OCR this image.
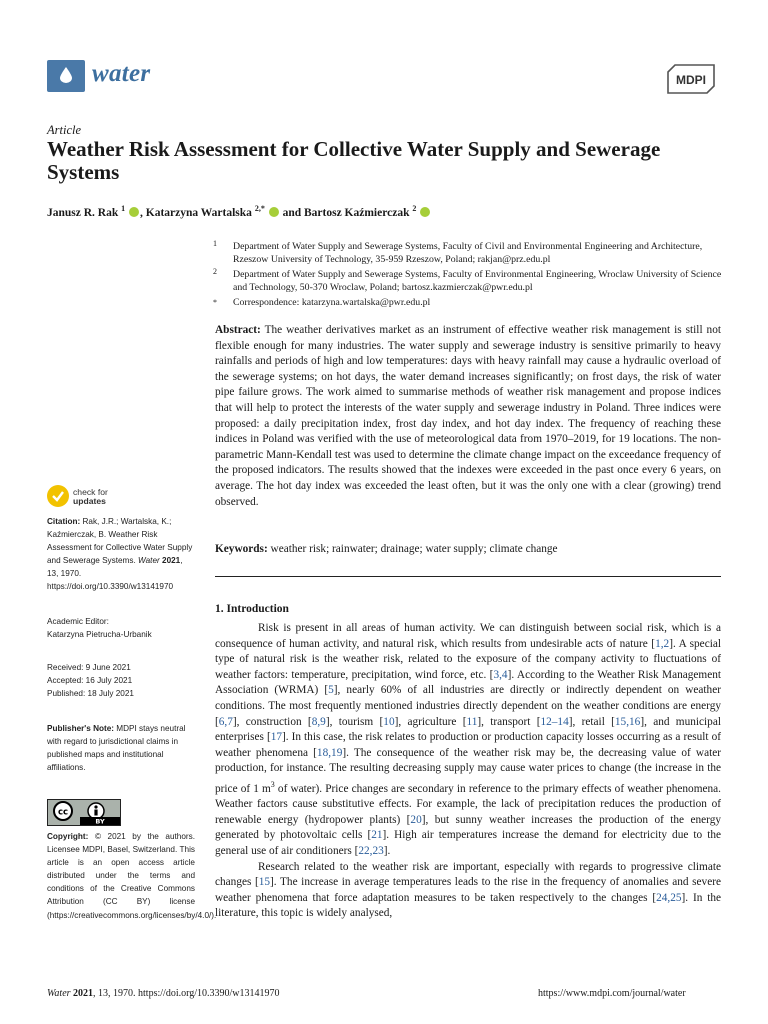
water	MDPI
Article
Weather Risk Assessment for Collective Water Supply and Sewerage Systems
Janusz R. Rak $^1$ , Katarzyna Wartalska $^{2,*}$ and Bartosz Kaźmierczak $^2$
1 Department of Water Supply and Sewerage Systems, Faculty of Civil and Environmental Engineering and Architecture, Rzeszow University of Technology, 35-959 Rzeszow, Poland; rakjan@prz.edu.pl
2 Department of Water Supply and Sewerage Systems, Faculty of Environmental Engineering, Wroclaw University of Science and Technology, 50-370 Wroclaw, Poland; bartosz.kazmierczak@pwr.edu.pl
* Correspondence: katarzyna.wartalska@pwr.edu.pl
Abstract: The weather derivatives market as an instrument of effective weather risk management is still not flexible enough for many industries. The water supply and sewerage industry is sensitive primarily to heavy rainfalls and periods of high and low temperatures: days with heavy rainfall may cause a hydraulic overload of the sewerage systems; on hot days, the water demand increases significantly; on frost days, the risk of water pipe failure grows. The work aimed to summarise methods of weather risk management and propose indices that will help to protect the interests of the water supply and sewerage industry in Poland. Three indices were proposed: a daily precipitation index, frost day index, and hot day index. The frequency of reaching these indices in Poland was verified with the use of meteorological data from 1970–2019, for 19 locations. The non-parametric Mann-Kendall test was used to determine the climate change impact on the exceedance frequency of the proposed indicators. The results showed that the indexes were exceeded in the past once every 6 years, on average. The hot day index was exceeded the least often, but it was the only one with a clear (growing) trend observed.
Keywords: weather risk; rainwater; drainage; water supply; climate change
check for
updates
Citation: Rak, J.R.; Wartalska, K.; Kaźmierczak, B. Weather Risk Assessment for Collective Water Supply and Sewerage Systems. Water 2021, 13, 1970. https://doi.org/10.3390/w13141970
Academic Editor:
Katarzyna Pietrucha-Urbanik
Received: 9 June 2021
Accepted: 16 July 2021
Published: 18 July 2021
Publisher's Note: MDPI stays neutral with regard to jurisdictional claims in published maps and institutional affiliations.
cc
BY
Copyright: © 2021 by the authors. Licensee MDPI, Basel, Switzerland. This article is an open access article distributed under the terms and conditions of the Creative Commons Attribution (CC BY) license (https://creativecommons.org/licenses/by/4.0/).
1. Introduction

Risk is present in all areas of human activity. We can distinguish between social risk, which is a consequence of human activity, and natural risk, which results from undesirable acts of nature [1,2]. A special type of natural risk is the weather risk, related to the exposure of the company activity to fluctuations of weather factors: temperature, precipitation, wind force, etc. [3,4]. According to the Weather Risk Management Association (WRMA) [5], nearly 60% of all industries are directly or indirectly dependent on weather conditions. The most frequently mentioned industries directly dependent on the weather conditions are energy [6,7], construction [8,9], tourism [10], agriculture [11], transport [12–14], retail [15,16], and municipal enterprises [17]. In this case, the risk relates to production or production capacity losses occurring as a result of weather phenomena [18,19]. The consequence of the weather risk may be, the decreasing value of water production, for instance. The resulting decreasing supply may cause water prices to change (the increase in the price of 1 $m^3$ of water). Price changes are secondary in reference to the primary effects of weather phenomena. Weather factors cause substitutive effects. For example, the lack of precipitation reduces the production of renewable energy (hydropower plants) [20], but sunny weather increases the production of the energy generated by photovoltaic cells [21]. High air temperatures increase the demand for electricity due to the general use of air conditioners [22,23].

Research related to the weather risk are important, especially with regards to progressive climate changes [15]. The increase in average temperatures leads to the rise in the frequency of anomalies and severe weather phenomena that force adaptation measures to be taken respectively to the changes [24,25]. In the literature, this topic is widely analysed,

Water 2021, 13, 1970. https://doi.org/10.3390/w13141970	https://www.mdpi.com/journal/water
